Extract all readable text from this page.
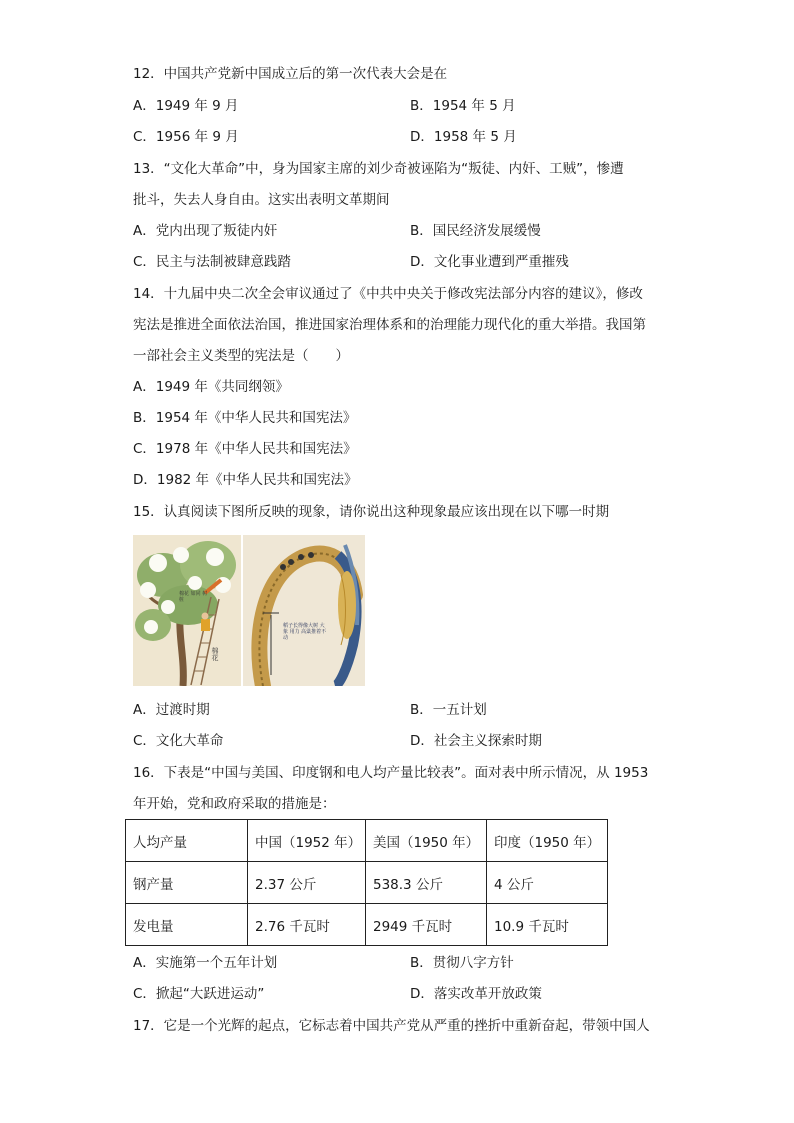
12．中国共产党新中国成立后的第一次代表大会是在
A．1949 年 9 月	B．1954 年 5 月
C．1956 年 9 月	D．1958 年 5 月
13．“文化大革命”中，身为国家主席的刘少奇被诬陷为“叛徒、内奸、工贼”，惨遭
批斗，失去人身自由。这实出表明文革期间
A．党内出现了叛徒内奸	B．国民经济发展缓慢
C．民主与法制被肆意践踏	D．文化事业遭到严重摧残
14．十九届中央二次全会审议通过了《中共中央关于修改宪法部分内容的建议》，修改
宪法是推进全面依法治国，推进国家治理体系和的治理能力现代化的重大举措。我国第
一部社会主义类型的宪法是（　　）
A．1949 年《共同纲领》
B．1954 年《中华人民共和国宪法》
C．1978 年《中华人民共和国宪法》
D．1982 年《中华人民共和国宪法》
15．认真阅读下图所反映的现象，请你说出这种现象最应该出现在以下哪一时期
棉花 如同 树桩
棉花
稻子长得像大树 大象 用力 高粱推着不动
A．过渡时期	B．一五计划
C．文化大革命	D．社会主义探索时期
16．下表是“中国与美国、印度钢和电人均产量比较表”。面对表中所示情况，从 1953
年开始，党和政府采取的措施是：
人均产量	中国（1952 年）	美国（1950 年）	印度（1950 年）
钢产量	2.37 公斤	538.3 公斤	4 公斤
发电量	2.76 千瓦时	2949 千瓦时	10.9 千瓦时
A．实施第一个五年计划	B．贯彻八字方针
C．掀起“大跃进运动”	D．落实改革开放政策
17．它是一个光辉的起点，它标志着中国共产党从严重的挫折中重新奋起，带领中国人
